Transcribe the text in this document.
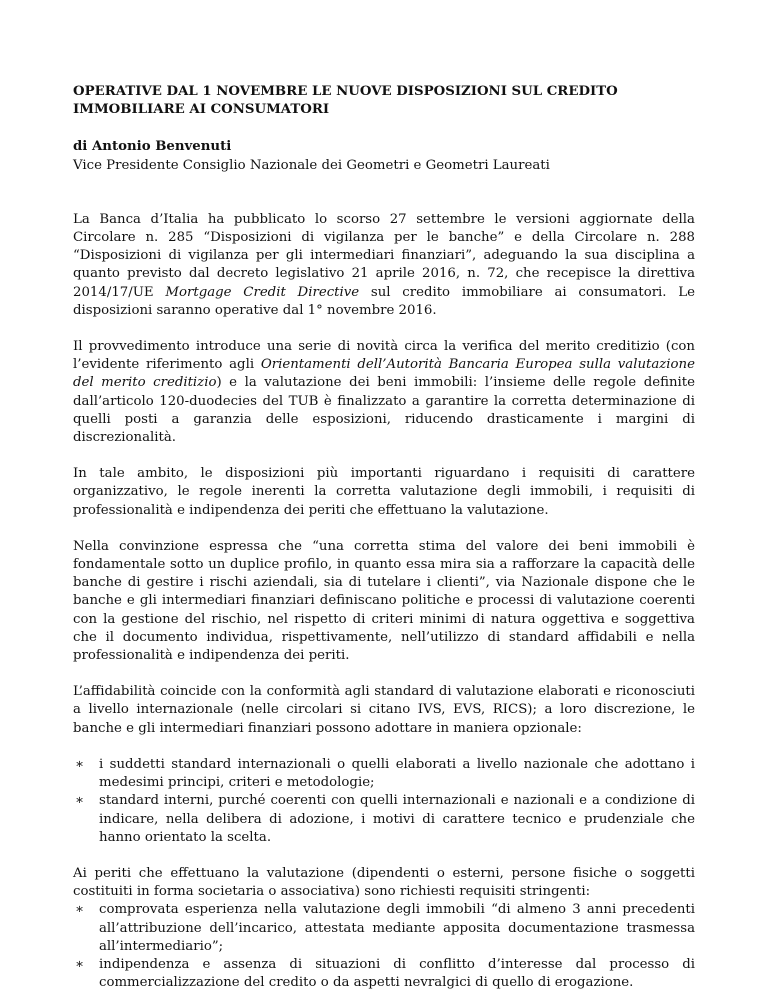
OPERATIVE DAL 1 NOVEMBRE LE NUOVE DISPOSIZIONI SUL CREDITO IMMOBILIARE AI CONSUMATORI

di Antonio Benvenuti

Vice Presidente Consiglio Nazionale dei Geometri e Geometri Laureati

La Banca d’Italia ha pubblicato lo scorso 27 settembre le versioni aggiornate della Circolare n. 285 “Disposizioni di vigilanza per le banche” e della Circolare n. 288 “Disposizioni di vigilanza per gli intermediari finanziari”, adeguando la sua disciplina a quanto previsto dal decreto legislativo 21 aprile 2016, n. 72, che recepisce la direttiva 2014/17/UE Mortgage Credit Directive sul credito immobiliare ai consumatori. Le disposizioni saranno operative dal 1° novembre 2016.

Il provvedimento introduce una serie di novità circa la verifica del merito creditizio (con l’evidente riferimento agli Orientamenti dell’Autorità Bancaria Europea sulla valutazione del merito creditizio) e la valutazione dei beni immobili: l’insieme delle regole definite dall’articolo 120-duodecies del TUB è finalizzato a garantire la corretta determinazione di quelli posti a garanzia delle esposizioni, riducendo drasticamente i margini di discrezionalità.

In tale ambito, le disposizioni più importanti riguardano i requisiti di carattere organizzativo, le regole inerenti la corretta valutazione degli immobili, i requisiti di professionalità e indipendenza dei periti che effettuano la valutazione.

Nella convinzione espressa che “una corretta stima del valore dei beni immobili è fondamentale sotto un duplice profilo, in quanto essa mira sia a rafforzare la capacità delle banche di gestire i rischi aziendali, sia di tutelare i clienti”, via Nazionale dispone che le banche e gli intermediari finanziari definiscano politiche e processi di valutazione coerenti con la gestione del rischio, nel rispetto di criteri minimi di natura oggettiva e soggettiva che il documento individua, rispettivamente, nell’utilizzo di standard affidabili e nella professionalità e indipendenza dei periti.

L’affidabilità coincide con la conformità agli standard di valutazione elaborati e riconosciuti a livello internazionale (nelle circolari si citano IVS, EVS, RICS); a loro discrezione, le banche e gli intermediari finanziari possono adottare in maniera opzionale:

∗ i suddetti standard internazionali o quelli elaborati a livello nazionale che adottano i medesimi principi, criteri e metodologie;
∗ standard interni, purché coerenti con quelli internazionali e nazionali e a condizione di indicare, nella delibera di adozione, i motivi di carattere tecnico e prudenziale che hanno orientato la scelta.

Ai periti che effettuano la valutazione (dipendenti o esterni, persone fisiche o soggetti costituiti in forma societaria o associativa) sono richiesti requisiti stringenti:

∗ comprovata esperienza nella valutazione degli immobili “di almeno 3 anni precedenti all’attribuzione dell’incarico, attestata mediante apposita documentazione trasmessa all’intermediario”;
∗ indipendenza e assenza di situazioni di conflitto d’interesse dal processo di commercializzazione del credito o da aspetti nevralgici di quello di erogazione.
